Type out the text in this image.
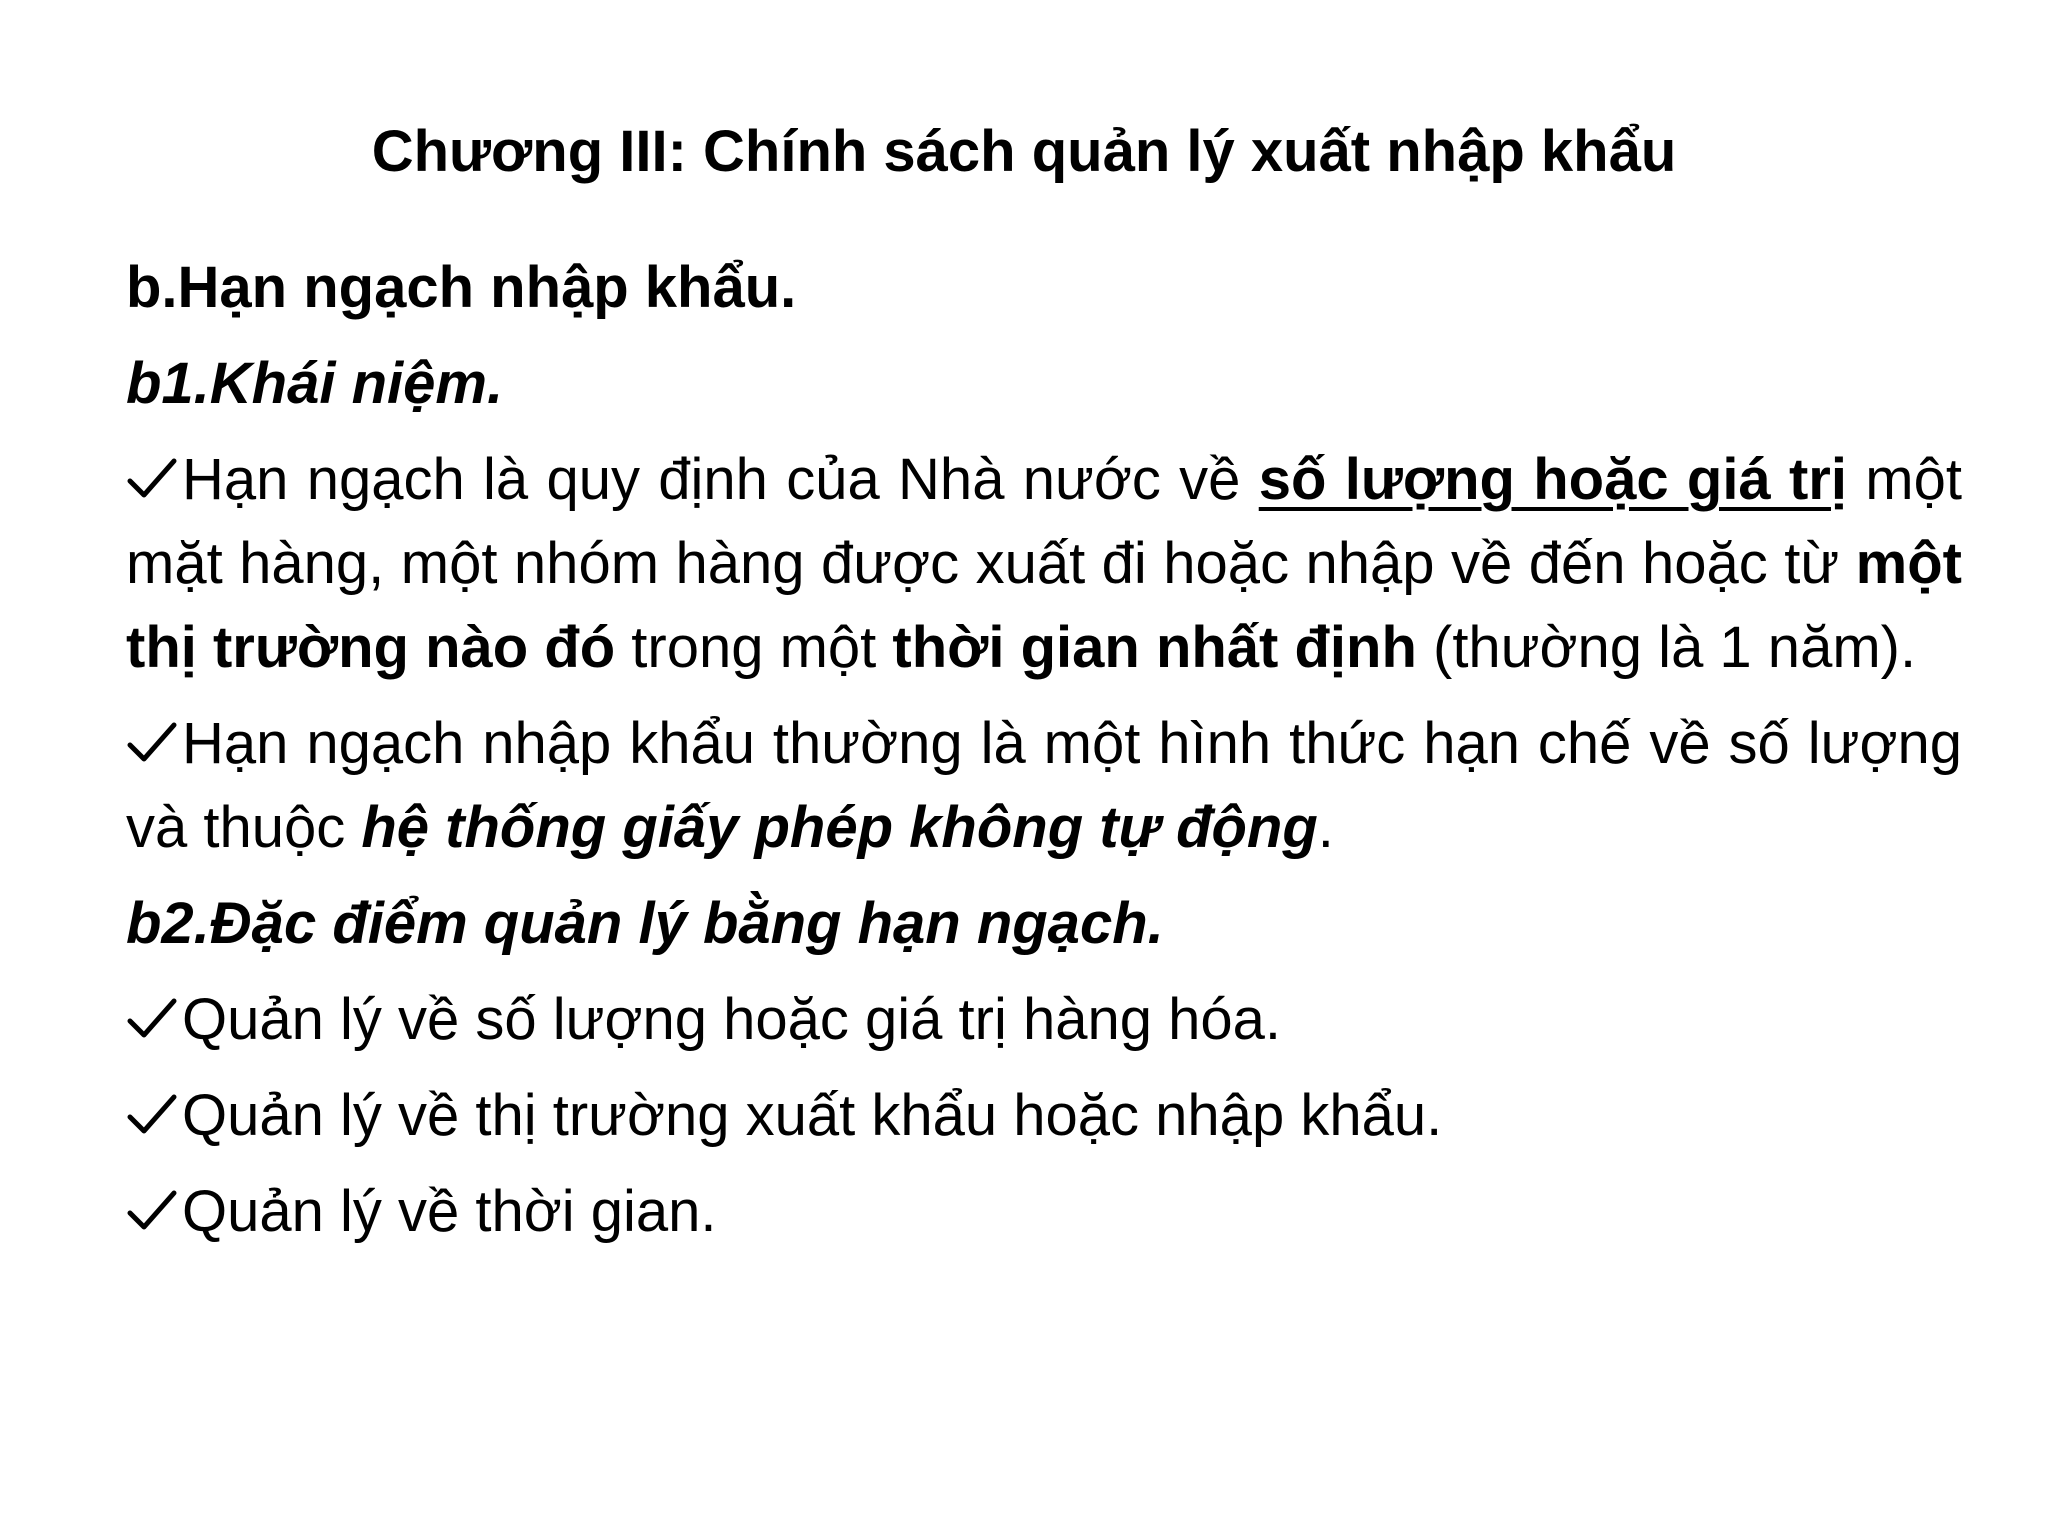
Chương III: Chính sách quản lý xuất nhập khẩu

b.Hạn ngạch nhập khẩu.

b1.Khái niệm.

Hạn ngạch là quy định của Nhà nước về số lượng hoặc giá trị một mặt hàng, một nhóm hàng được xuất đi hoặc nhập về đến hoặc từ một thị trường nào đó trong một thời gian nhất định (thường là 1 năm).

Hạn ngạch nhập khẩu thường là một hình thức hạn chế về số lượng và thuộc hệ thống giấy phép không tự động.

b2.Đặc điểm quản lý bằng hạn ngạch.

Quản lý về số lượng hoặc giá trị hàng hóa.

Quản lý về thị trường xuất khẩu hoặc nhập khẩu.

Quản lý về thời gian.
